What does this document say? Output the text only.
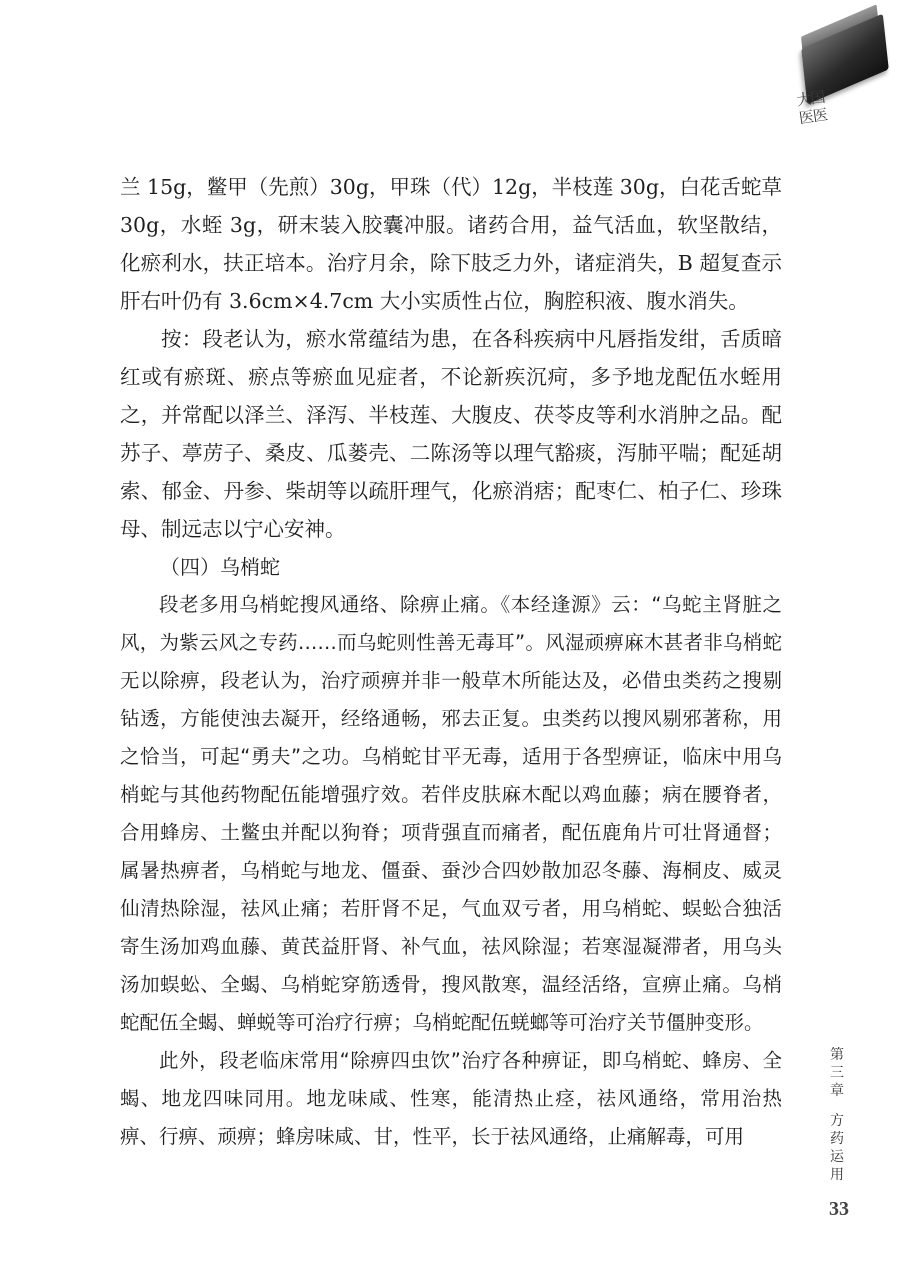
大国
医医

兰 15g，鳖甲（先煎）30g，甲珠（代）12g，半枝莲 30g，白花舌蛇草 30g，水蛭 3g，研末装入胶囊冲服。诸药合用，益气活血，软坚散结，化瘀利水，扶正培本。治疗月余，除下肢乏力外，诸症消失，B 超复查示肝右叶仍有 3.6cm×4.7cm 大小实质性占位，胸腔积液、腹水消失。

按：段老认为，瘀水常蕴结为患，在各科疾病中凡唇指发绀，舌质暗红或有瘀斑、瘀点等瘀血见症者，不论新疾沉疴，多予地龙配伍水蛭用之，并常配以泽兰、泽泻、半枝莲、大腹皮、茯苓皮等利水消肿之品。配苏子、葶苈子、桑皮、瓜蒌壳、二陈汤等以理气豁痰，泻肺平喘；配延胡索、郁金、丹参、柴胡等以疏肝理气，化瘀消痞；配枣仁、柏子仁、珍珠母、制远志以宁心安神。

（四）乌梢蛇

段老多用乌梢蛇搜风通络、除痹止痛。《本经逢源》云：“乌蛇主肾脏之风，为紫云风之专药……而乌蛇则性善无毒耳”。风湿顽痹麻木甚者非乌梢蛇无以除痹，段老认为，治疗顽痹并非一般草木所能达及，必借虫类药之搜剔钻透，方能使浊去凝开，经络通畅，邪去正复。虫类药以搜风剔邪著称，用之恰当，可起“勇夫”之功。乌梢蛇甘平无毒，适用于各型痹证，临床中用乌梢蛇与其他药物配伍能增强疗效。若伴皮肤麻木配以鸡血藤；病在腰脊者，合用蜂房、土鳖虫并配以狗脊；项背强直而痛者，配伍鹿角片可壮肾通督；属暑热痹者，乌梢蛇与地龙、僵蚕、蚕沙合四妙散加忍冬藤、海桐皮、威灵仙清热除湿，祛风止痛；若肝肾不足，气血双亏者，用乌梢蛇、蜈蚣合独活寄生汤加鸡血藤、黄芪益肝肾、补气血，祛风除湿；若寒湿凝滞者，用乌头汤加蜈蚣、全蝎、乌梢蛇穿筋透骨，搜风散寒，温经活络，宣痹止痛。乌梢蛇配伍全蝎、蝉蜕等可治疗行痹；乌梢蛇配伍蜣螂等可治疗关节僵肿变形。

此外，段老临床常用“除痹四虫饮”治疗各种痹证，即乌梢蛇、蜂房、全蝎、地龙四味同用。地龙味咸、性寒，能清热止痉，祛风通络，常用治热痹、行痹、顽痹；蜂房味咸、甘，性平，长于祛风通络，止痛解毒，可用

第三章
方药运用
33
